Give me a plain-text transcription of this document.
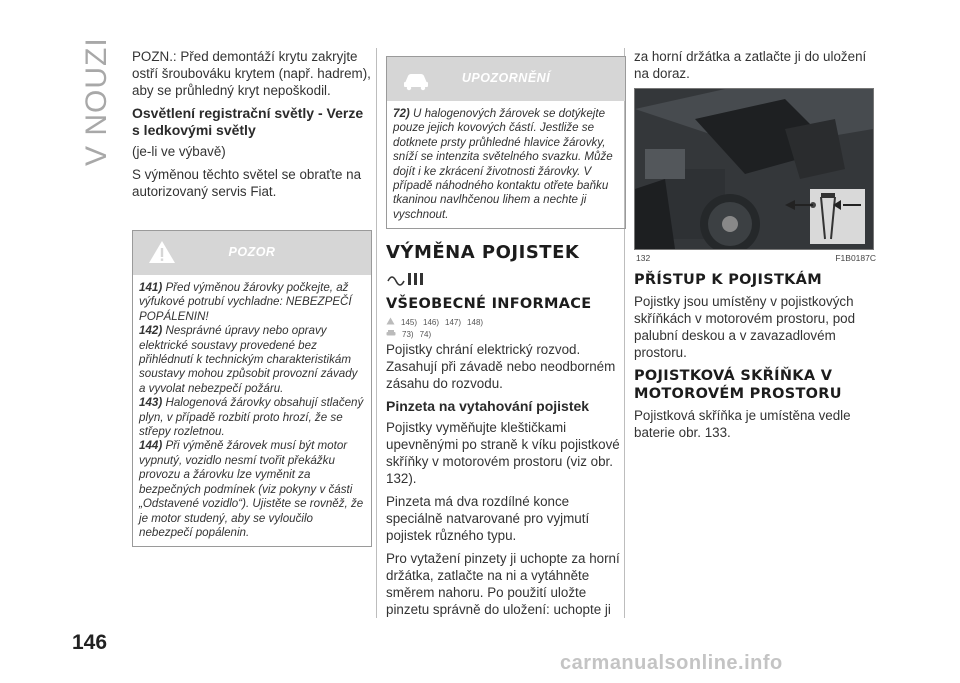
V NOUZI POZN.: Před demontáží krytu zakryjte ostří šroubováku krytem (např. hadrem), aby se průhledný kryt nepoškodil.

Osvětlení registrační světly - Verze s ledkovými světly

(je-li ve výbavě)

S výměnou těchto světel se obraťte na autorizovaný servis Fiat.

POZOR

141) Před výměnou žárovky počkejte, až výfukové potrubí vychladne: NEBEZPEČÍ POPÁLENIN!

142) Nesprávné úpravy nebo opravy elektrické soustavy provedené bez přihlédnutí k technickým charakteristikám soustavy mohou způsobit provozní závady a vyvolat nebezpečí požáru.

143) Halogenová žárovky obsahují stlačený plyn, v případě rozbití proto hrozí, že se střepy rozletnou.

144) Při výměně žárovek musí být motor vypnutý, vozidlo nesmí tvořit překážku provozu a žárovku lze vyměnit za bezpečných podmínek (viz pokyny v části „Odstavené vozidlo“). Ujistěte se rovněž, že je motor studený, aby se vyloučilo nebezpečí popálenin.

UPOZORNĚNÍ

72) U halogenových žárovek se dotýkejte pouze jejich kovových částí. Jestliže se dotknete prsty průhledné hlavice žárovky, sníží se intenzita světelného svazku. Může dojít i ke zkrácení životnosti žárovky. V případě náhodného kontaktu otřete baňku tkaninou navlhčenou lihem a nechte ji vyschnout.

VÝMĚNA POJISTEK
VŠEOBECNÉ INFORMACE
145) 146) 147) 148)
73) 74)

Pojistky chrání elektrický rozvod. Zasahují při závadě nebo neodborném zásahu do rozvodu.

Pinzeta na vytahování pojistek

Pojistky vyměňujte kleštičkami upevněnými po straně k víku pojistkové skříňky v motorovém prostoru (viz obr. 132).

Pinzeta má dva rozdílné konce speciálně natvarované pro vyjmutí pojistek různého typu.

Pro vytažení pinzety ji uchopte za horní držátka, zatlačte na ni a vytáhněte směrem nahoru. Po použití uložte pinzetu správně do uložení: uchopte ji

za horní držátka a zatlačte ji do uložení na doraz.

132	F1B0187C
PŘÍSTUP K POJISTKÁM

Pojistky jsou umístěny v pojistkových skříňkách v motorovém prostoru, pod palubní deskou a v zavazadlovém prostoru.

POJISTKOVÁ SKŘÍŇKA V MOTOROVÉM PROSTORU

Pojistková skříňka je umístěna vedle baterie obr. 133.

146
carmanualsonline.info
